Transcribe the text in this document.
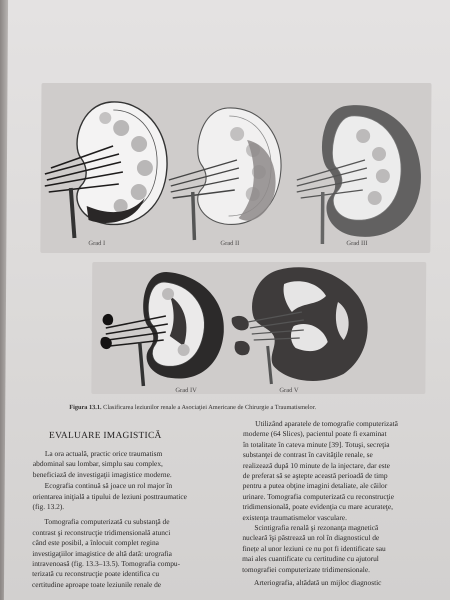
Grad I	Grad II	Grad III
Grad IV	Grad V
Figura 13.1. Clasificarea leziunilor renale a Asociaţiei Americane de Chirurgie a Traumatismelor.
EVALUARE IMAGISTICĂ
La ora actuală, practic orice traumatism
abdominal sau lombar, simplu sau complex,
beneficiază de investigaţii imagistice moderne.
Ecografia continuă să joace un rol major în
orientarea iniţială a tipului de leziuni posttraumatice
(fig. 13.2).
Tomografia computerizată cu substanţă de
contrast şi reconstrucţie tridimensională atunci
când este posibil, a înlocuit complet regina
investigaţiilor imagistice de altă dată: urografia
intravenoasă (fig. 13.3–13.5). Tomografia compu-
terizată cu reconstrucţie poate identifica cu
certitudine aproape toate leziunile renale de
Utilizând aparatele de tomografie computerizată
moderne (64 Slices), pacientul poate fi examinat
în totalitate în cateva minute [39]. Totuşi, secreţia
substanţei de contrast în cavităţile renale, se
realizează după 10 minute de la injectare, dar este
de preferat să se aştepte această perioadă de timp
pentru a putea obţine imagini detaliate, ale căilor
urinare. Tomografia computerizată cu reconstrucţie
tridimensională, poate evidenţia cu mare acurateţe,
existenţa traumatismelor vasculare.
Scintigrafia renală şi rezonanţa magnetică
nucleară îşi păstrează un rol în diagnosticul de
finețe al unor leziuni ce nu pot fi identificate sau
mai ales cuantificate cu certitudine cu ajutorul
tomografiei computerizate tridimensionale.
Arteriografia, altădată un mijloc diagnostic
